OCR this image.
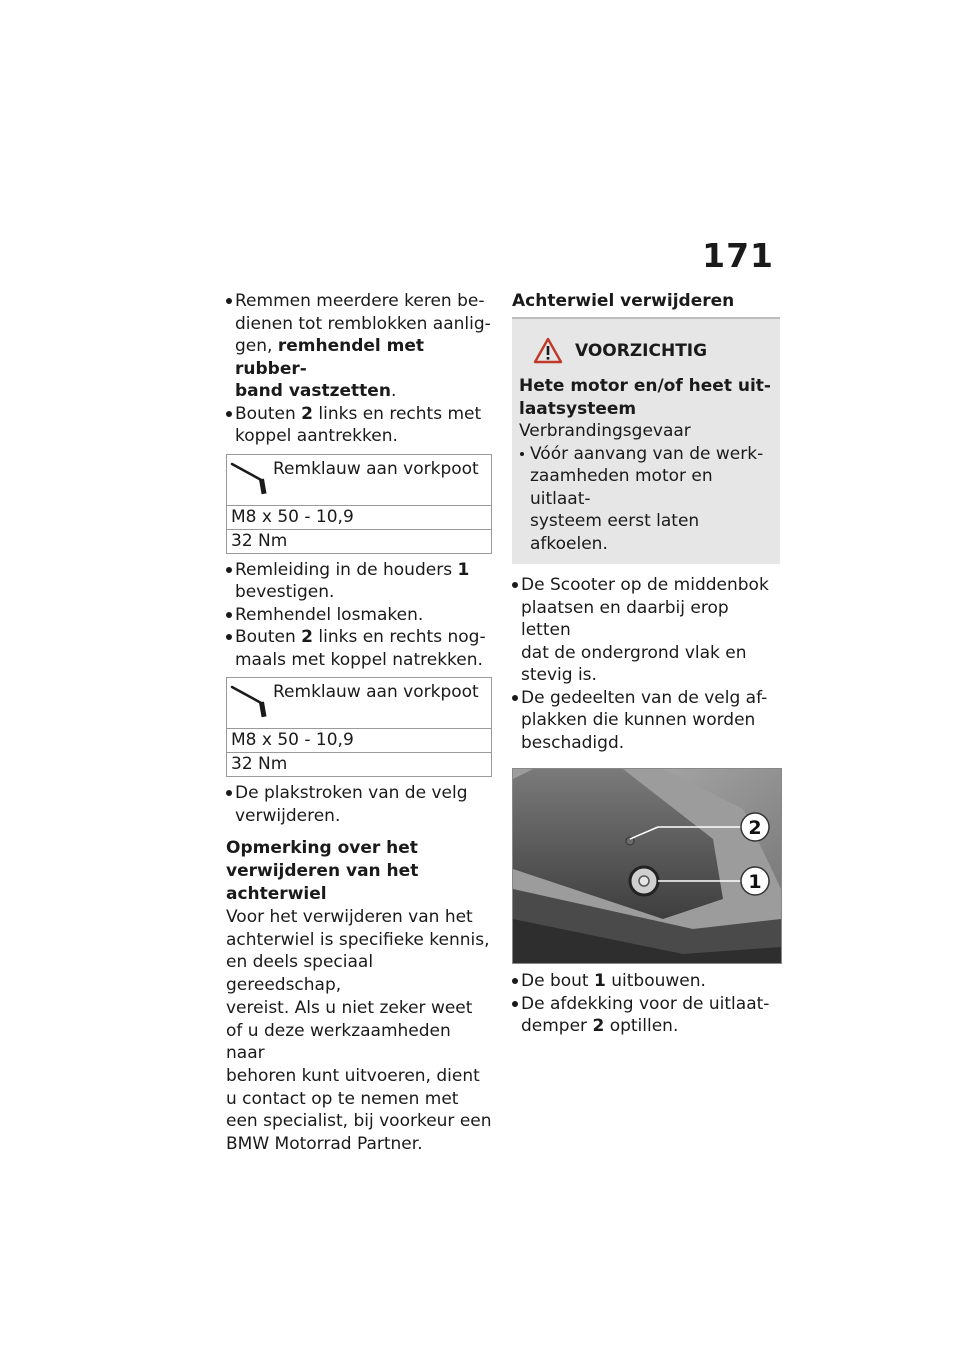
171
Remmen meerdere keren be-
dienen tot remblokken aanlig-
gen, remhendel met rubber-
band vastzetten.
Bouten 2 links en rechts met
koppel aantrekken.
Remklauw aan vorkpoot
M8 x 50 - 10,9
32 Nm
Remleiding in de houders 1
bevestigen.
Remhendel losmaken.
Bouten 2 links en rechts nog-
maals met koppel natrekken.
Remklauw aan vorkpoot
M8 x 50 - 10,9
32 Nm
De plakstroken van de velg
verwijderen.
Opmerking over het
verwijderen van het
achterwiel
Voor het verwijderen van het
achterwiel is specifieke kennis,
en deels speciaal gereedschap,
vereist. Als u niet zeker weet
of u deze werkzaamheden naar
behoren kunt uitvoeren, dient
u contact op te nemen met
een specialist, bij voorkeur een
BMW Motorrad Partner.
Achterwiel verwijderen
VOORZICHTIG
Hete motor en/of heet uit-
laatsysteem
Verbrandingsgevaar
Vóór aanvang van de werk-
zaamheden motor en uitlaat-
systeem eerst laten afkoelen.
De Scooter op de middenbok
plaatsen en daarbij erop letten
dat de ondergrond vlak en
stevig is.
De gedeelten van de velg af-
plakken die kunnen worden
beschadigd.
2
1
De bout 1 uitbouwen.
De afdekking voor de uitlaat-
demper 2 optillen.
